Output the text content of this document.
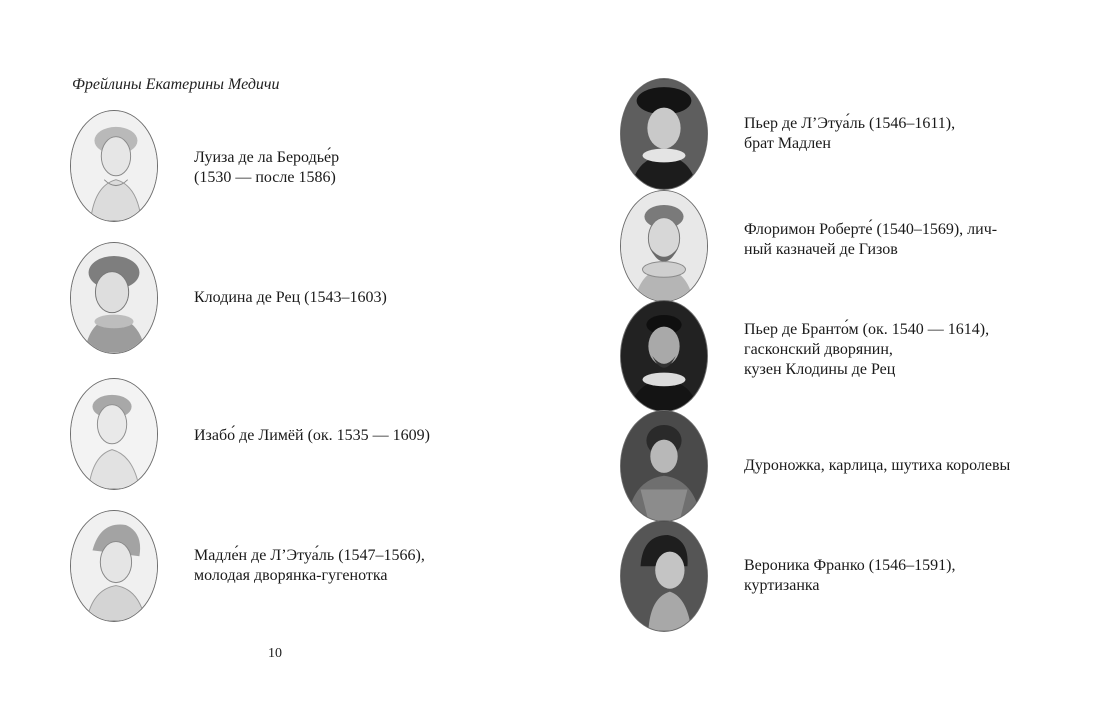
Фрейлины Екатерины Медичи
Луиза де ла Беродье́р
(1530 — после 1586)
Клодина де Рец (1543–1603)
Изабо́ де Лимёй (ок. 1535 — 1609)
Мадле́н де Л’Этуа́ль (1547–1566),
молодая дворянка-гугенотка
10
Пьер де Л’Этуа́ль (1546–1611),
брат Мадлен
Флоримон Роберте́ (1540–1569), лич-
ный казначей де Гизов
Пьер де Бранто́м (ок. 1540 — 1614),
гасконский дворянин,
кузен Клодины де Рец
Дуроножка, карлица, шутиха королевы
Вероника Франко (1546–1591),
куртизанка
